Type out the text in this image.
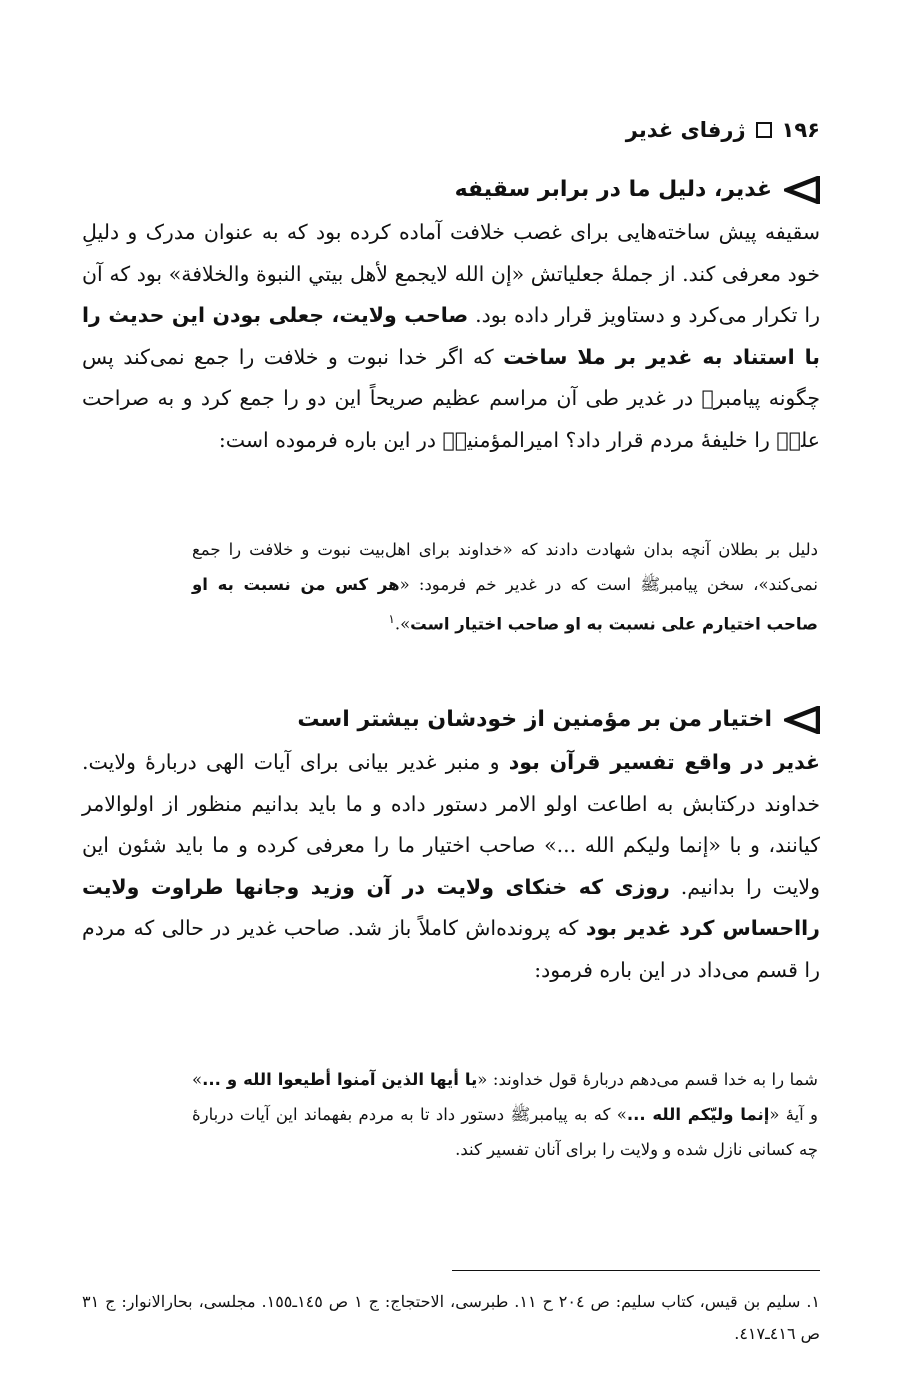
۱۹۶
ژرفای غدیر
غدیر، دلیل ما در برابر سقیفه

سقیفه پیش ساخته‌هایی برای غصب خلافت آماده کرده بود که به عنوان مدرک و دلیلِ خود معرفی کند. از جملهٔ جعلیاتش «إن الله لایجمع لأهل بیتي النبوة والخلافة» بود که آن را تکرار می‌کرد و دستاویز قرار داده بود. صاحب ولایت، جعلی بودن این حدیث را با استناد به غدیر بر ملا ساخت که اگر خدا نبوت و خلافت را جمع نمی‌کند پس چگونه پیامبرﷺ در غدیر طی آن مراسم عظیم صریحاً این دو را جمع کرد و به صراحت علیؑ را خلیفهٔ مردم قرار داد؟ امیرالمؤمنینؑ در این باره فرموده است:

دلیل بر بطلان آنچه بدان شهادت دادند که «خداوند برای اهل‌بیت نبوت و خلافت را جمع نمی‌کند»، سخن پیامبرﷺ است که در غدیر خم فرمود: «هر کس من نسبت به او صاحب اختیارم علی نسبت به او صاحب اختیار است».$^۱$
اختیار من بر مؤمنین از خودشان بیشتر است

غدیر در واقع تفسیر قرآن بود و منبر غدیر بیانی برای آیات الهی دربارهٔ ولایت. خداوند درکتابش به اطاعت اولو الامر دستور داده و ما باید بدانیم منظور از اولوالامر کیانند، و با «إنما ولیکم الله ...» صاحب اختیار ما را معرفی کرده و ما باید شئون این ولایت را بدانیم. روزی که خنکای ولایت در آن وزید وجانها طراوت ولایت رااحساس کرد غدیر بود که پرونده‌اش کاملاً باز شد. صاحب غدیر در حالی که مردم را قسم می‌داد در این باره فرمود:

شما را به خدا قسم می‌دهم دربارهٔ قول خداوند: «یا أیها الذین آمنوا أطیعوا الله و ...» و آیهٔ «إنما ولیّکم الله ...» که به پیامبرﷺ دستور داد تا به مردم بفهماند این آیات دربارهٔ چه کسانی نازل شده و ولایت را برای آنان تفسیر کند.
۱. سلیم بن قیس، کتاب سلیم: ص ٢٠٤ ح ١١. طبرسی، الاحتجاج: ج ١ ص ١٤٥ـ١٥٥. مجلسی، بحارالانوار: ج ٣١ ص ٤١٦ـ٤١٧.
